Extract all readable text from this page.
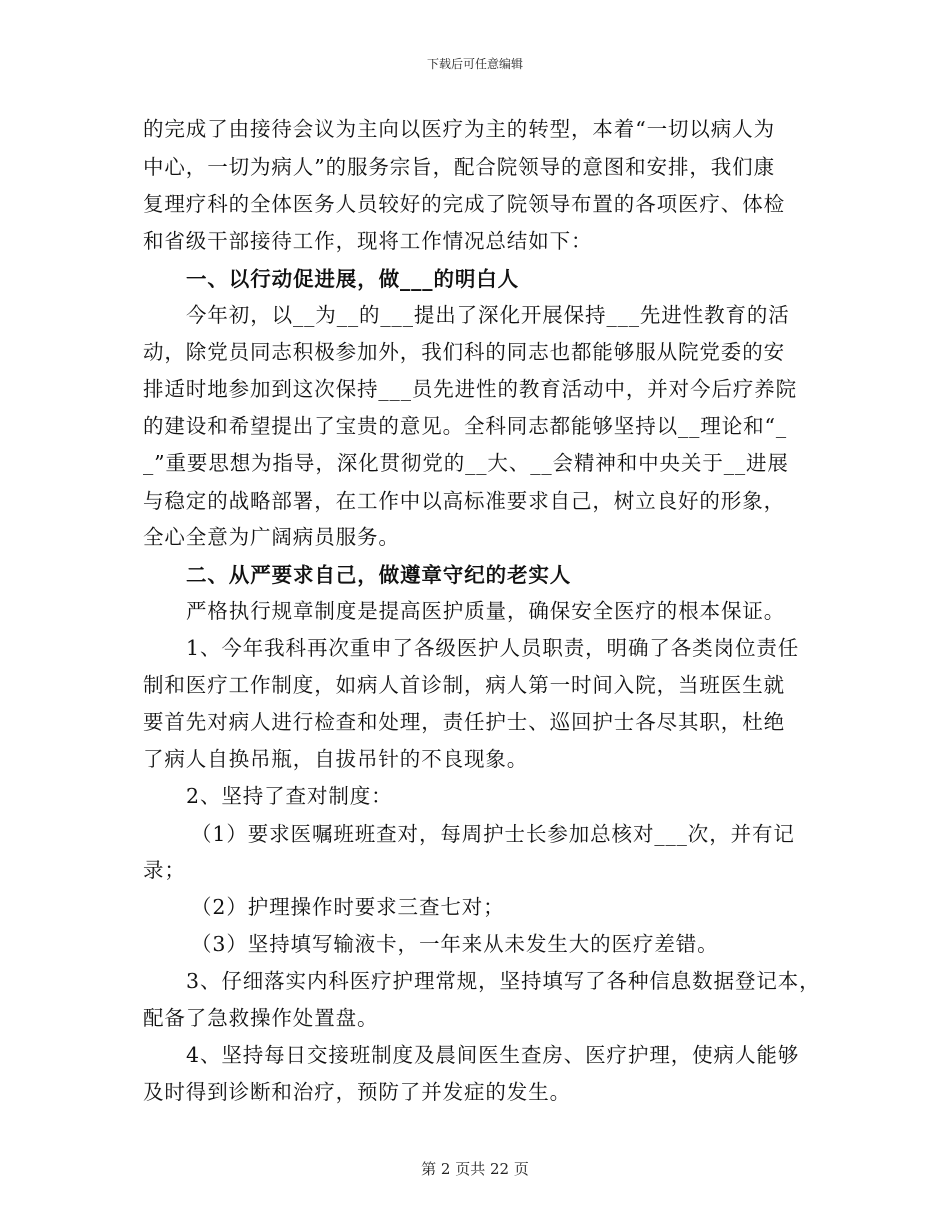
下载后可任意编辑
的完成了由接待会议为主向以医疗为主的转型，本着“一切以病人为
中心，一切为病人”的服务宗旨，配合院领导的意图和安排，我们康
复理疗科的全体医务人员较好的完成了院领导布置的各项医疗、体检
和省级干部接待工作，现将工作情况总结如下：
一、以行动促进展，做___的明白人
今年初，以__为__的___提出了深化开展保持___先进性教育的活
动，除党员同志积极参加外，我们科的同志也都能够服从院党委的安
排适时地参加到这次保持___员先进性的教育活动中，并对今后疗养院
的建设和希望提出了宝贵的意见。全科同志都能够坚持以__理论和“_
_”重要思想为指导，深化贯彻党的__大、__会精神和中央关于__进展
与稳定的战略部署，在工作中以高标准要求自己，树立良好的形象，
全心全意为广阔病员服务。
二、从严要求自己，做遵章守纪的老实人
严格执行规章制度是提高医护质量，确保安全医疗的根本保证。
1、今年我科再次重申了各级医护人员职责，明确了各类岗位责任
制和医疗工作制度，如病人首诊制，病人第一时间入院，当班医生就
要首先对病人进行检查和处理，责任护士、巡回护士各尽其职，杜绝
了病人自换吊瓶，自拔吊针的不良现象。
2、坚持了查对制度：
（1）要求医嘱班班查对，每周护士长参加总核对___次，并有记
录；
（2）护理操作时要求三查七对；
（3）坚持填写输液卡，一年来从未发生大的医疗差错。
3、仔细落实内科医疗护理常规，坚持填写了各种信息数据登记本，
配备了急救操作处置盘。
4、坚持每日交接班制度及晨间医生查房、医疗护理，使病人能够
及时得到诊断和治疗，预防了并发症的发生。
第 2 页共 22 页
